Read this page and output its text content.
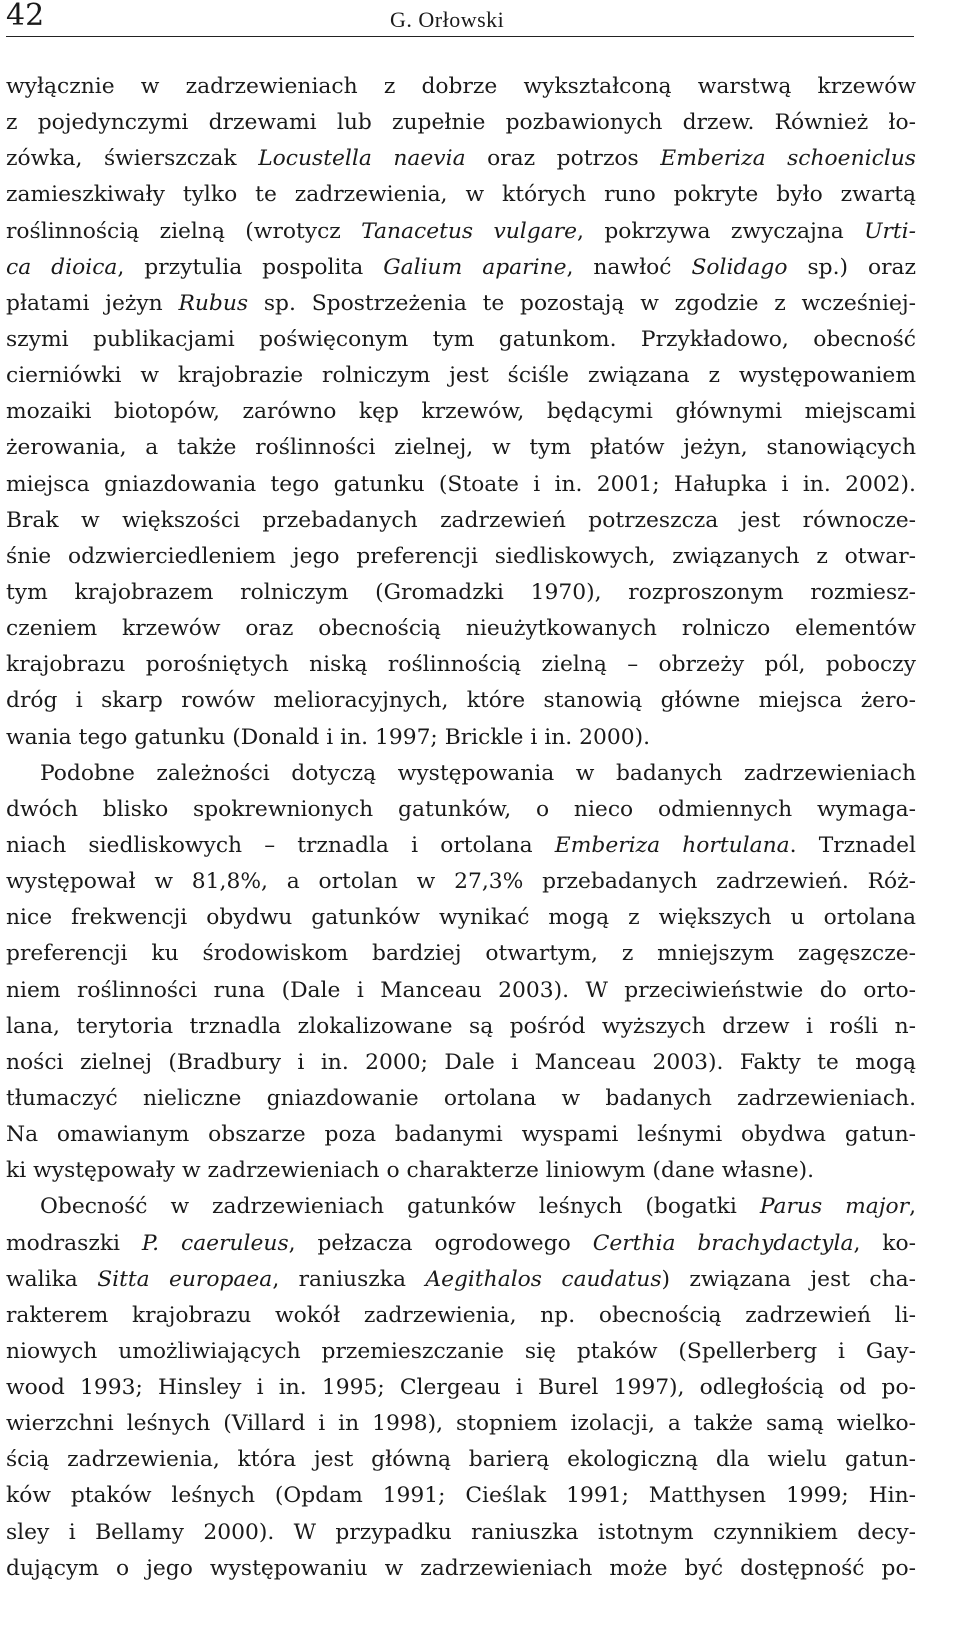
42	G. Orłowski
wyłącznie w zadrzewieniach z dobrze wykształconą warstwą krzewów
z pojedynczymi drzewami lub zupełnie pozbawionych drzew. Również ło-
zówka, świerszczak Locustella naevia oraz potrzos Emberiza schoeniclus
zamieszkiwały tylko te zadrzewienia, w których runo pokryte było zwartą
roślinnością zielną (wrotycz Tanacetus vulgare, pokrzywa zwyczajna Urti-
ca dioica, przytulia pospolita Galium aparine, nawłoć Solidago sp.) oraz
płatami jeżyn Rubus sp. Spostrzeżenia te pozostają w zgodzie z wcześniej-
szymi publikacjami poświęconym tym gatunkom. Przykładowo, obecność
cierniówki w krajobrazie rolniczym jest ściśle związana z występowaniem
mozaiki biotopów, zarówno kęp krzewów, będącymi głównymi miejscami
żerowania, a także roślinności zielnej, w tym płatów jeżyn, stanowiących
miejsca gniazdowania tego gatunku (Stoate i in. 2001; Hałupka i in. 2002).
Brak w większości przebadanych zadrzewień potrzeszcza jest równocze-
śnie odzwierciedleniem jego preferencji siedliskowych, związanych z otwar-
tym krajobrazem rolniczym (Gromadzki 1970), rozproszonym rozmiesz-
czeniem krzewów oraz obecnością nieużytkowanych rolniczo elementów
krajobrazu porośniętych niską roślinnością zielną – obrzeży pól, poboczy
dróg i skarp rowów melioracyjnych, które stanowią główne miejsca żero-
wania tego gatunku (Donald i in. 1997; Brickle i in. 2000).
Podobne zależności dotyczą występowania w badanych zadrzewieniach
dwóch blisko spokrewnionych gatunków, o nieco odmiennych wymaga-
niach siedliskowych – trznadla i ortolana Emberiza hortulana. Trznadel
występował w 81,8%, a ortolan w 27,3% przebadanych zadrzewień. Róż-
nice frekwencji obydwu gatunków wynikać mogą z większych u ortolana
preferencji ku środowiskom bardziej otwartym, z mniejszym zagęszcze-
niem roślinności runa (Dale i Manceau 2003). W przeciwieństwie do orto-
lana, terytoria trznadla zlokalizowane są pośród wyższych drzew i rośli n-
ności zielnej (Bradbury i in. 2000; Dale i Manceau 2003). Fakty te mogą
tłumaczyć nieliczne gniazdowanie ortolana w badanych zadrzewieniach.
Na omawianym obszarze poza badanymi wyspami leśnymi obydwa gatun-
ki występowały w zadrzewieniach o charakterze liniowym (dane własne).
Obecność w zadrzewieniach gatunków leśnych (bogatki Parus major,
modraszki P. caeruleus, pełzacza ogrodowego Certhia brachydactyla, ko-
walika Sitta europaea, raniuszka Aegithalos caudatus) związana jest cha-
rakterem krajobrazu wokół zadrzewienia, np. obecnością zadrzewień li-
niowych umożliwiających przemieszczanie się ptaków (Spellerberg i Gay-
wood 1993; Hinsley i in. 1995; Clergeau i Burel 1997), odległością od po-
wierzchni leśnych (Villard i in 1998), stopniem izolacji, a także samą wielko-
ścią zadrzewienia, która jest główną barierą ekologiczną dla wielu gatun-
ków ptaków leśnych (Opdam 1991; Cieślak 1991; Matthysen 1999; Hin-
sley i Bellamy 2000). W przypadku raniuszka istotnym czynnikiem decy-
dującym o jego występowaniu w zadrzewieniach może być dostępność po-
